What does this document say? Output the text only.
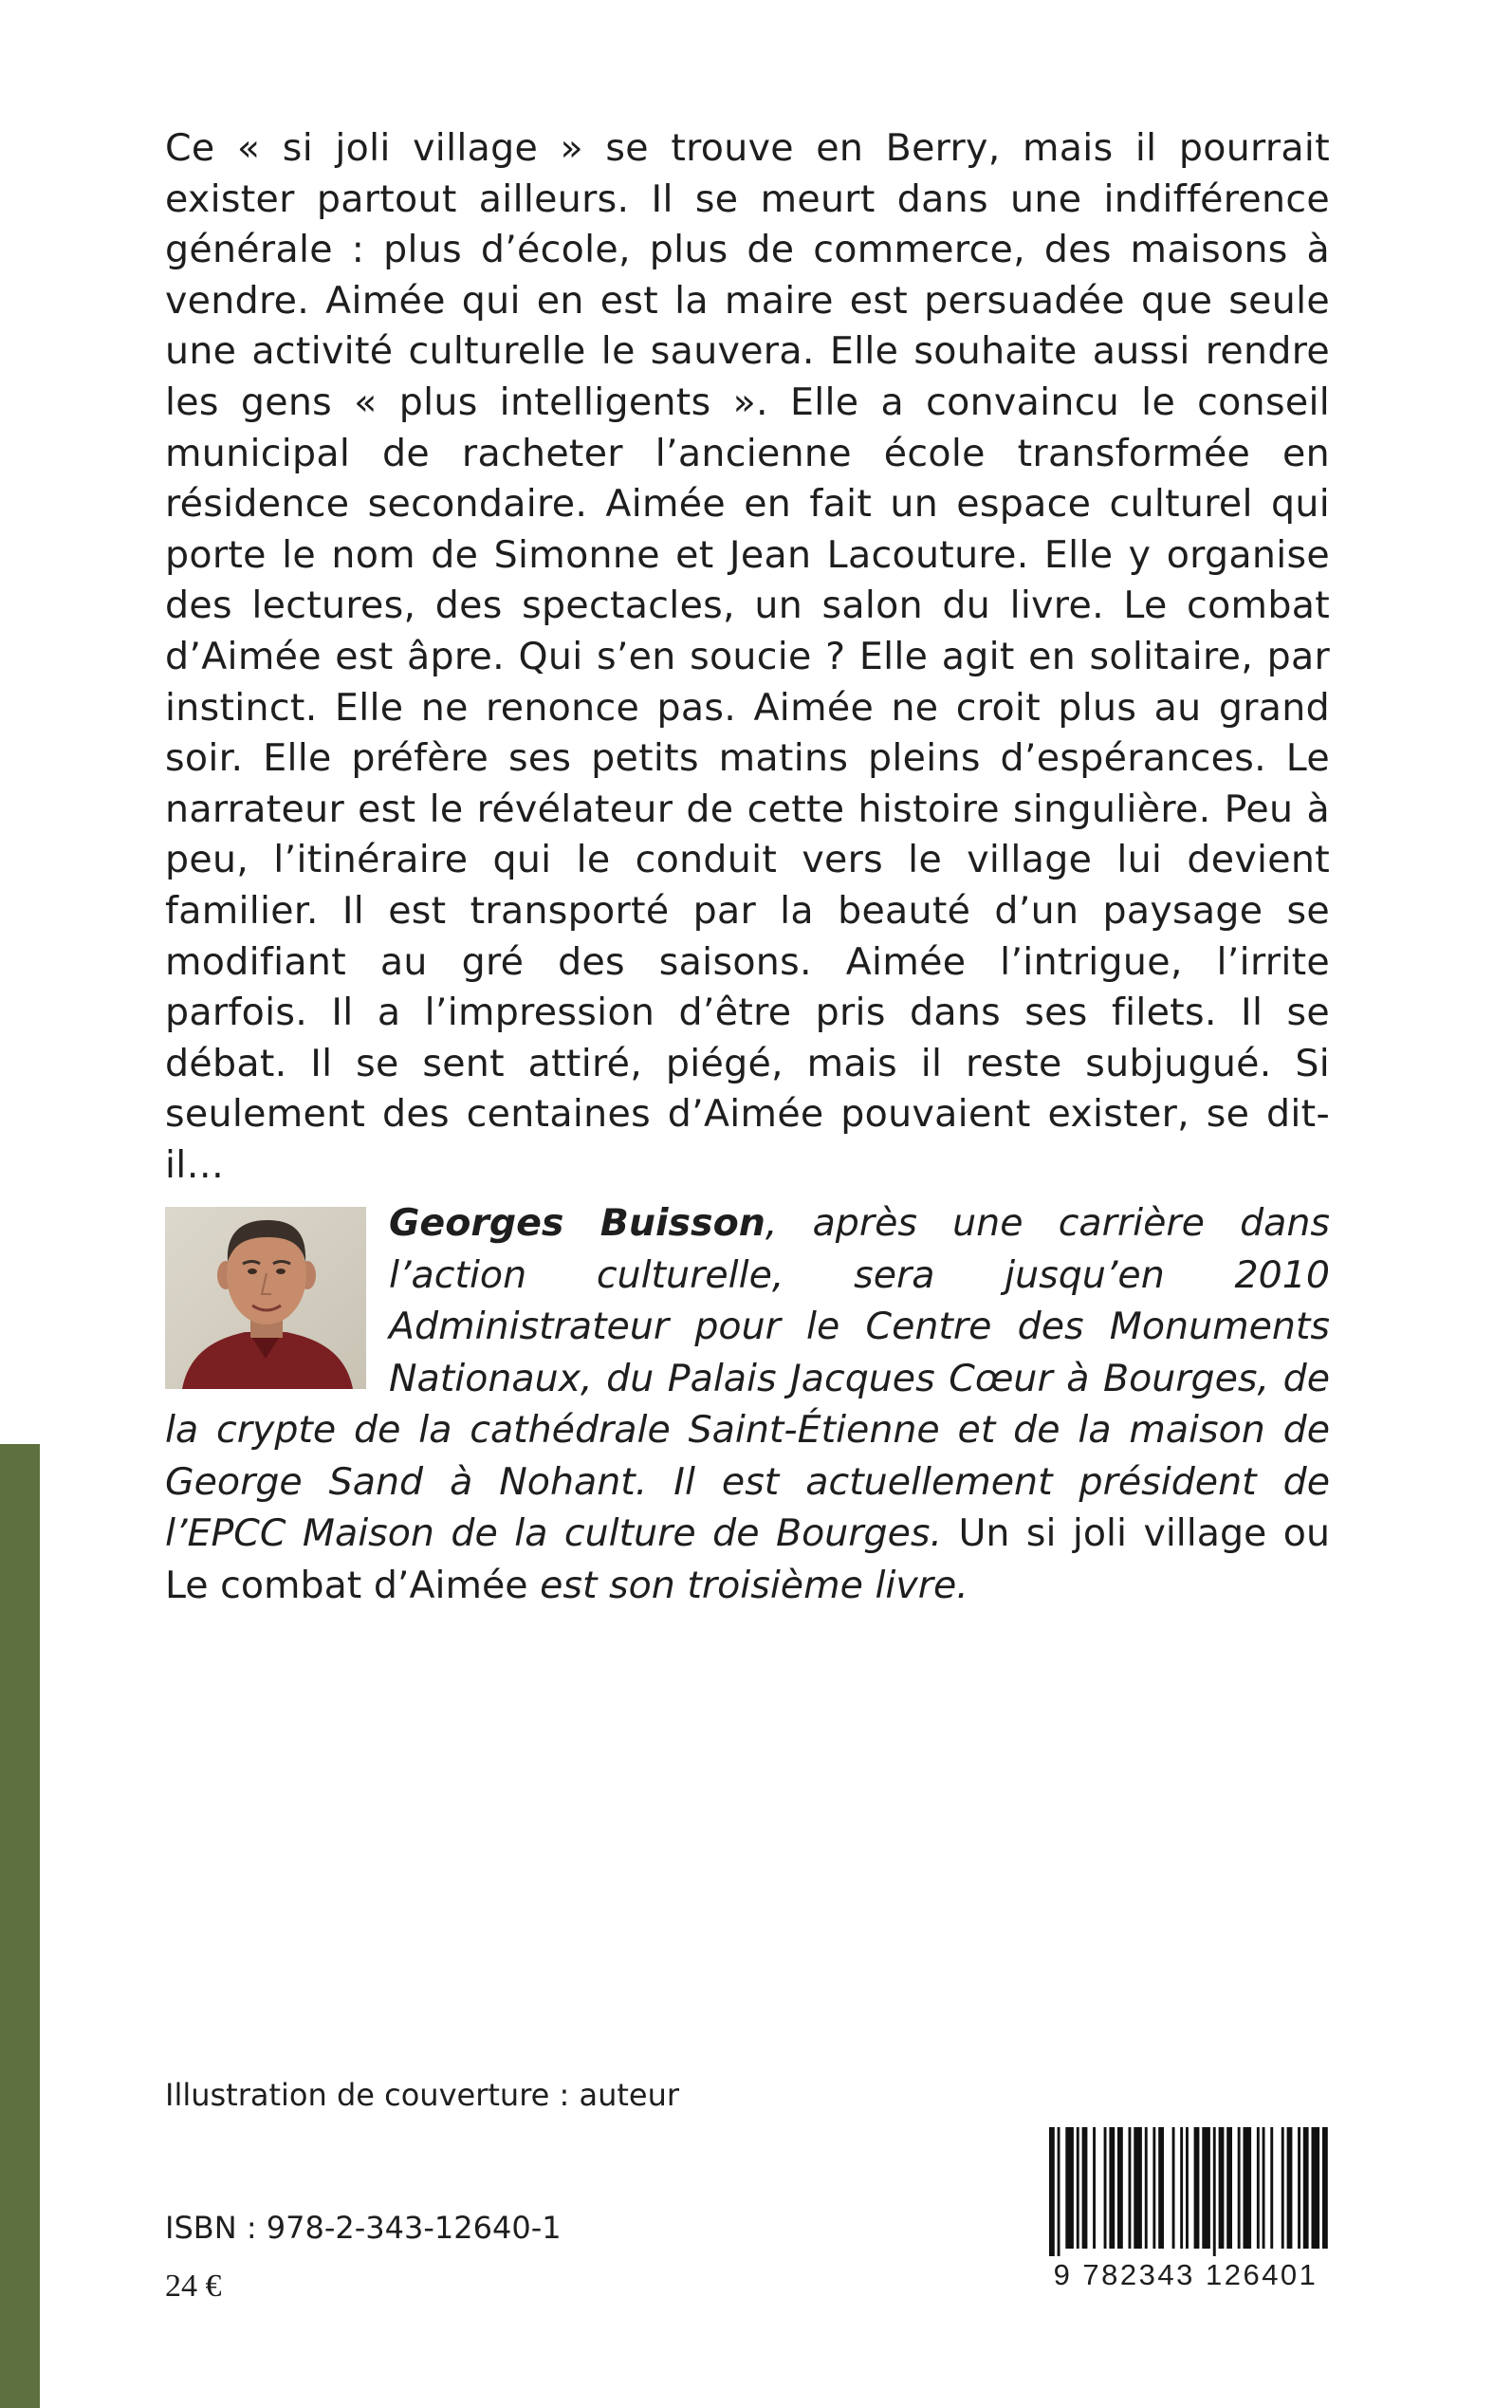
Ce « si joli village » se trouve en Berry, mais il pourrait exister partout ailleurs. Il se meurt dans une indifférence générale : plus d’école, plus de commerce, des maisons à vendre. Aimée qui en est la maire est persuadée que seule une activité culturelle le sauvera. Elle souhaite aussi rendre les gens « plus intelligents ». Elle a convaincu le conseil municipal de racheter l’ancienne école transformée en résidence secondaire. Aimée en fait un espace culturel qui porte le nom de Simonne et Jean Lacouture. Elle y organise des lectures, des spectacles, un salon du livre. Le combat d’Aimée est âpre. Qui s’en soucie ? Elle agit en solitaire, par instinct. Elle ne renonce pas. Aimée ne croit plus au grand soir. Elle préfère ses petits matins pleins d’espérances. Le narrateur est le révélateur de cette histoire singulière. Peu à peu, l’itinéraire qui le conduit vers le village lui devient familier. Il est transporté par la beauté d’un paysage se modifiant au gré des saisons. Aimée l’intrigue, l’irrite parfois. Il a l’impression d’être pris dans ses filets. Il se débat. Il se sent attiré, piégé, mais il reste subjugué. Si seulement des centaines d’Aimée pouvaient exister, se dit-il…

Georges Buisson, après une carrière dans l’action culturelle, sera jusqu’en 2010 Administrateur pour le Centre des Monuments Nationaux, du Palais Jacques Cœur à Bourges, de la crypte de la cathédrale Saint-Étienne et de la maison de George Sand à Nohant. Il est actuellement président de l’EPCC Maison de la culture de Bourges. Un si joli village ou Le combat d’Aimée est son troisième livre.

Illustration de couverture : auteur
9 782343 126401
ISBN : 978-2-343-12640-1
24 €
